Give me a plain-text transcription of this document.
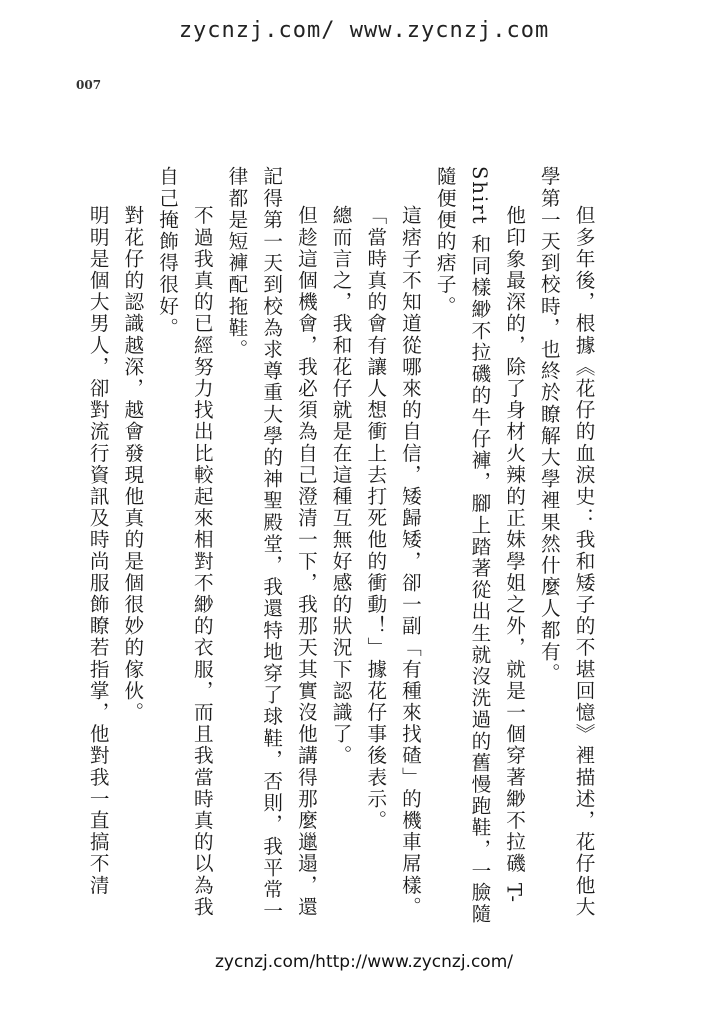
zycnzj.com/ www.zycnzj.com
007

但多年後，根據《花仔的血淚史：我和矮子的不堪回憶》裡描述，花仔他大學第一天到校時，也終於瞭解大學裡果然什麼人都有。

他印象最深的，除了身材火辣的正妹學姐之外，就是一個穿著緲不拉磯 T-Shirt 和同樣緲不拉磯的牛仔褲，腳上踏著從出生就沒洗過的舊慢跑鞋，一臉隨隨便便的痞子。

這痞子不知道從哪來的自信，矮歸矮，卻一副「有種來找碴」的機車屌樣。

「當時真的會有讓人想衝上去打死他的衝動！」據花仔事後表示。

總而言之，我和花仔就是在這種互無好感的狀況下認識了。

但趁這個機會，我必須為自己澄清一下，我那天其實沒他講得那麼邋遢，還記得第一天到校為求尊重大學的神聖殿堂，我還特地穿了球鞋，否則，我平常一律都是短褲配拖鞋。

不過我真的已經努力找出比較起來相對不緲的衣服，而且我當時真的以為我自己掩飾得很好。

對花仔的認識越深，越會發現他真的是個很妙的傢伙。

明明是個大男人，卻對流行資訊及時尚服飾瞭若指掌，他對我一直搞不清

zycnzj.com/http://www.zycnzj.com/
